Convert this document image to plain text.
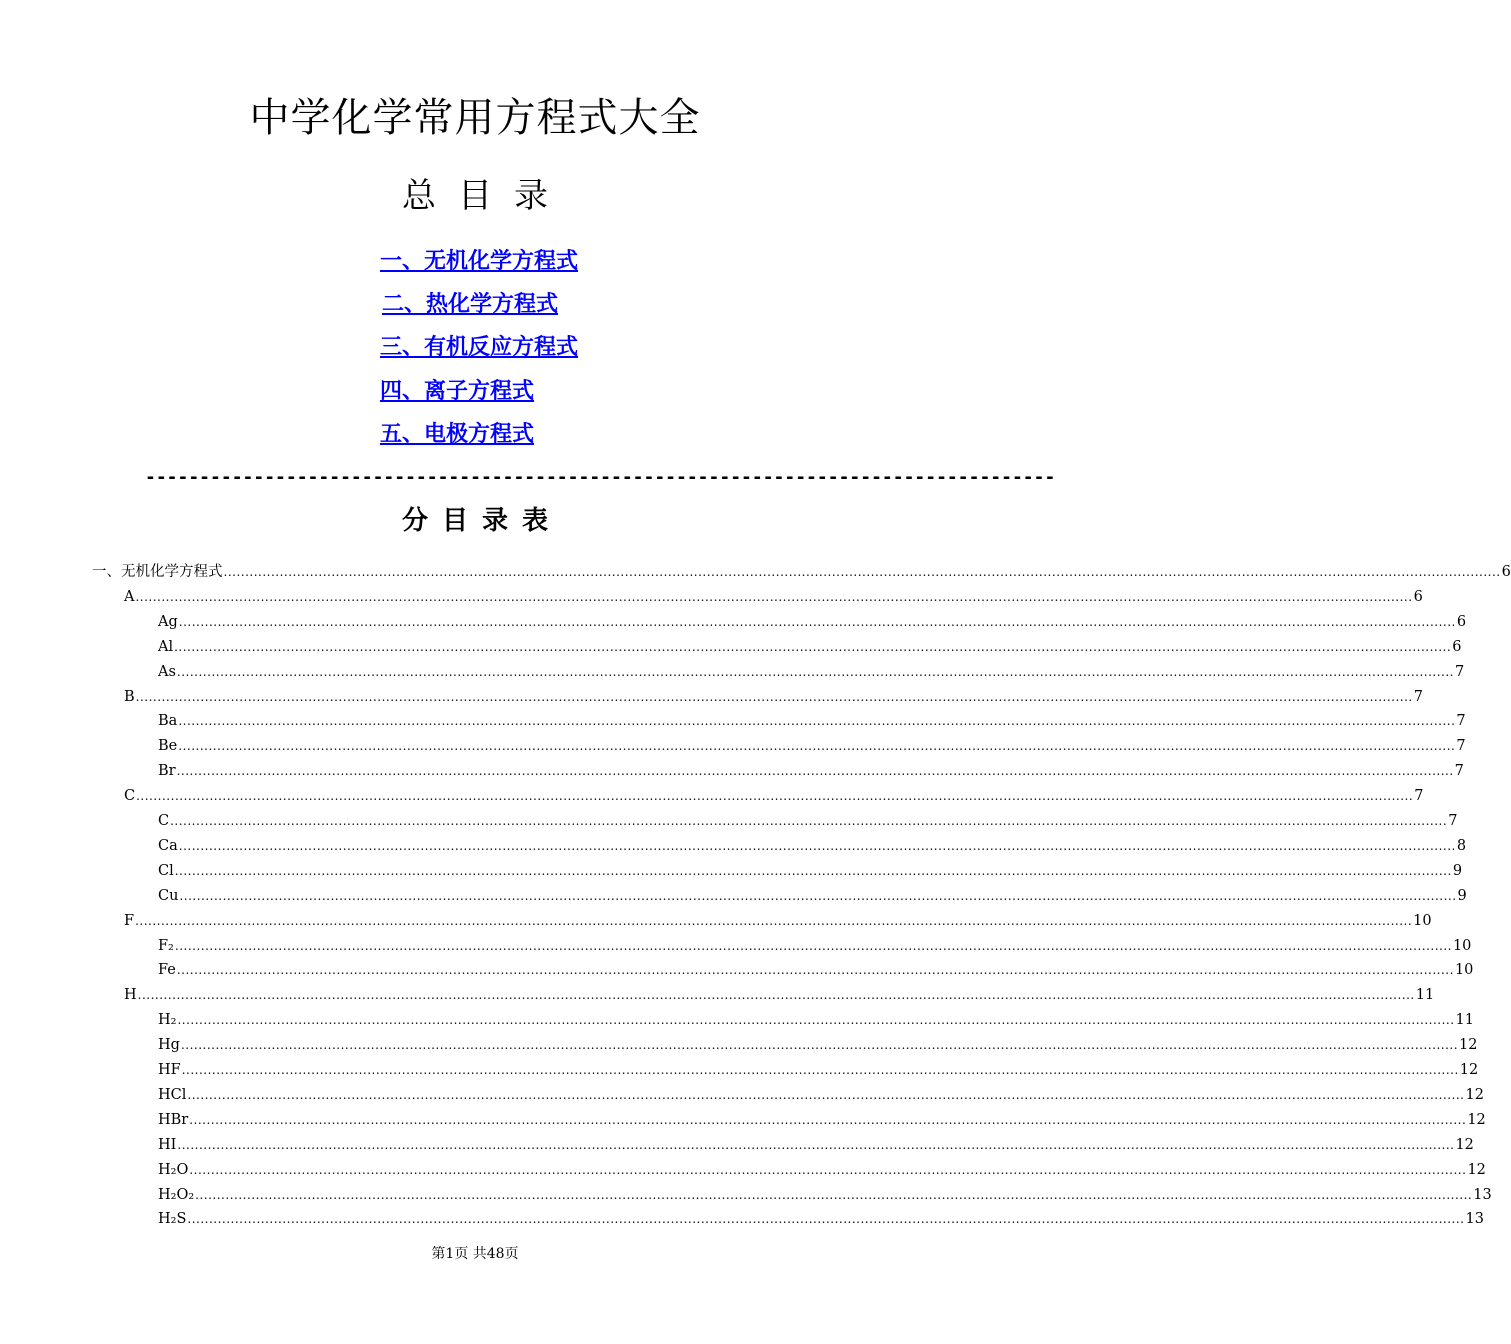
中学化学常用方程式大全
总目录
一、无机化学方程式
二、热化学方程式
三、有机反应方程式
四、离子方程式
五、电极方程式
------------------------------------------------------------------------------------
分目录表
一、无机化学方程式 .....	6
A .....	6
Ag .....	6
Al .....	6
As .....	7
B .....	7
Ba .....	7
Be .....	7
Br .....	7
C .....	7
C .....	7
Ca .....	8
Cl .....	9
Cu .....	9
F .....	10
F₂ .....	10
Fe .....	10
H .....	11
H₂ .....	11
Hg .....	12
HF .....	12
HCl .....	12
HBr .....	12
HI .....	12
H₂O .....	12
H₂O₂ .....	13
H₂S .....	13
第1页 共48页
